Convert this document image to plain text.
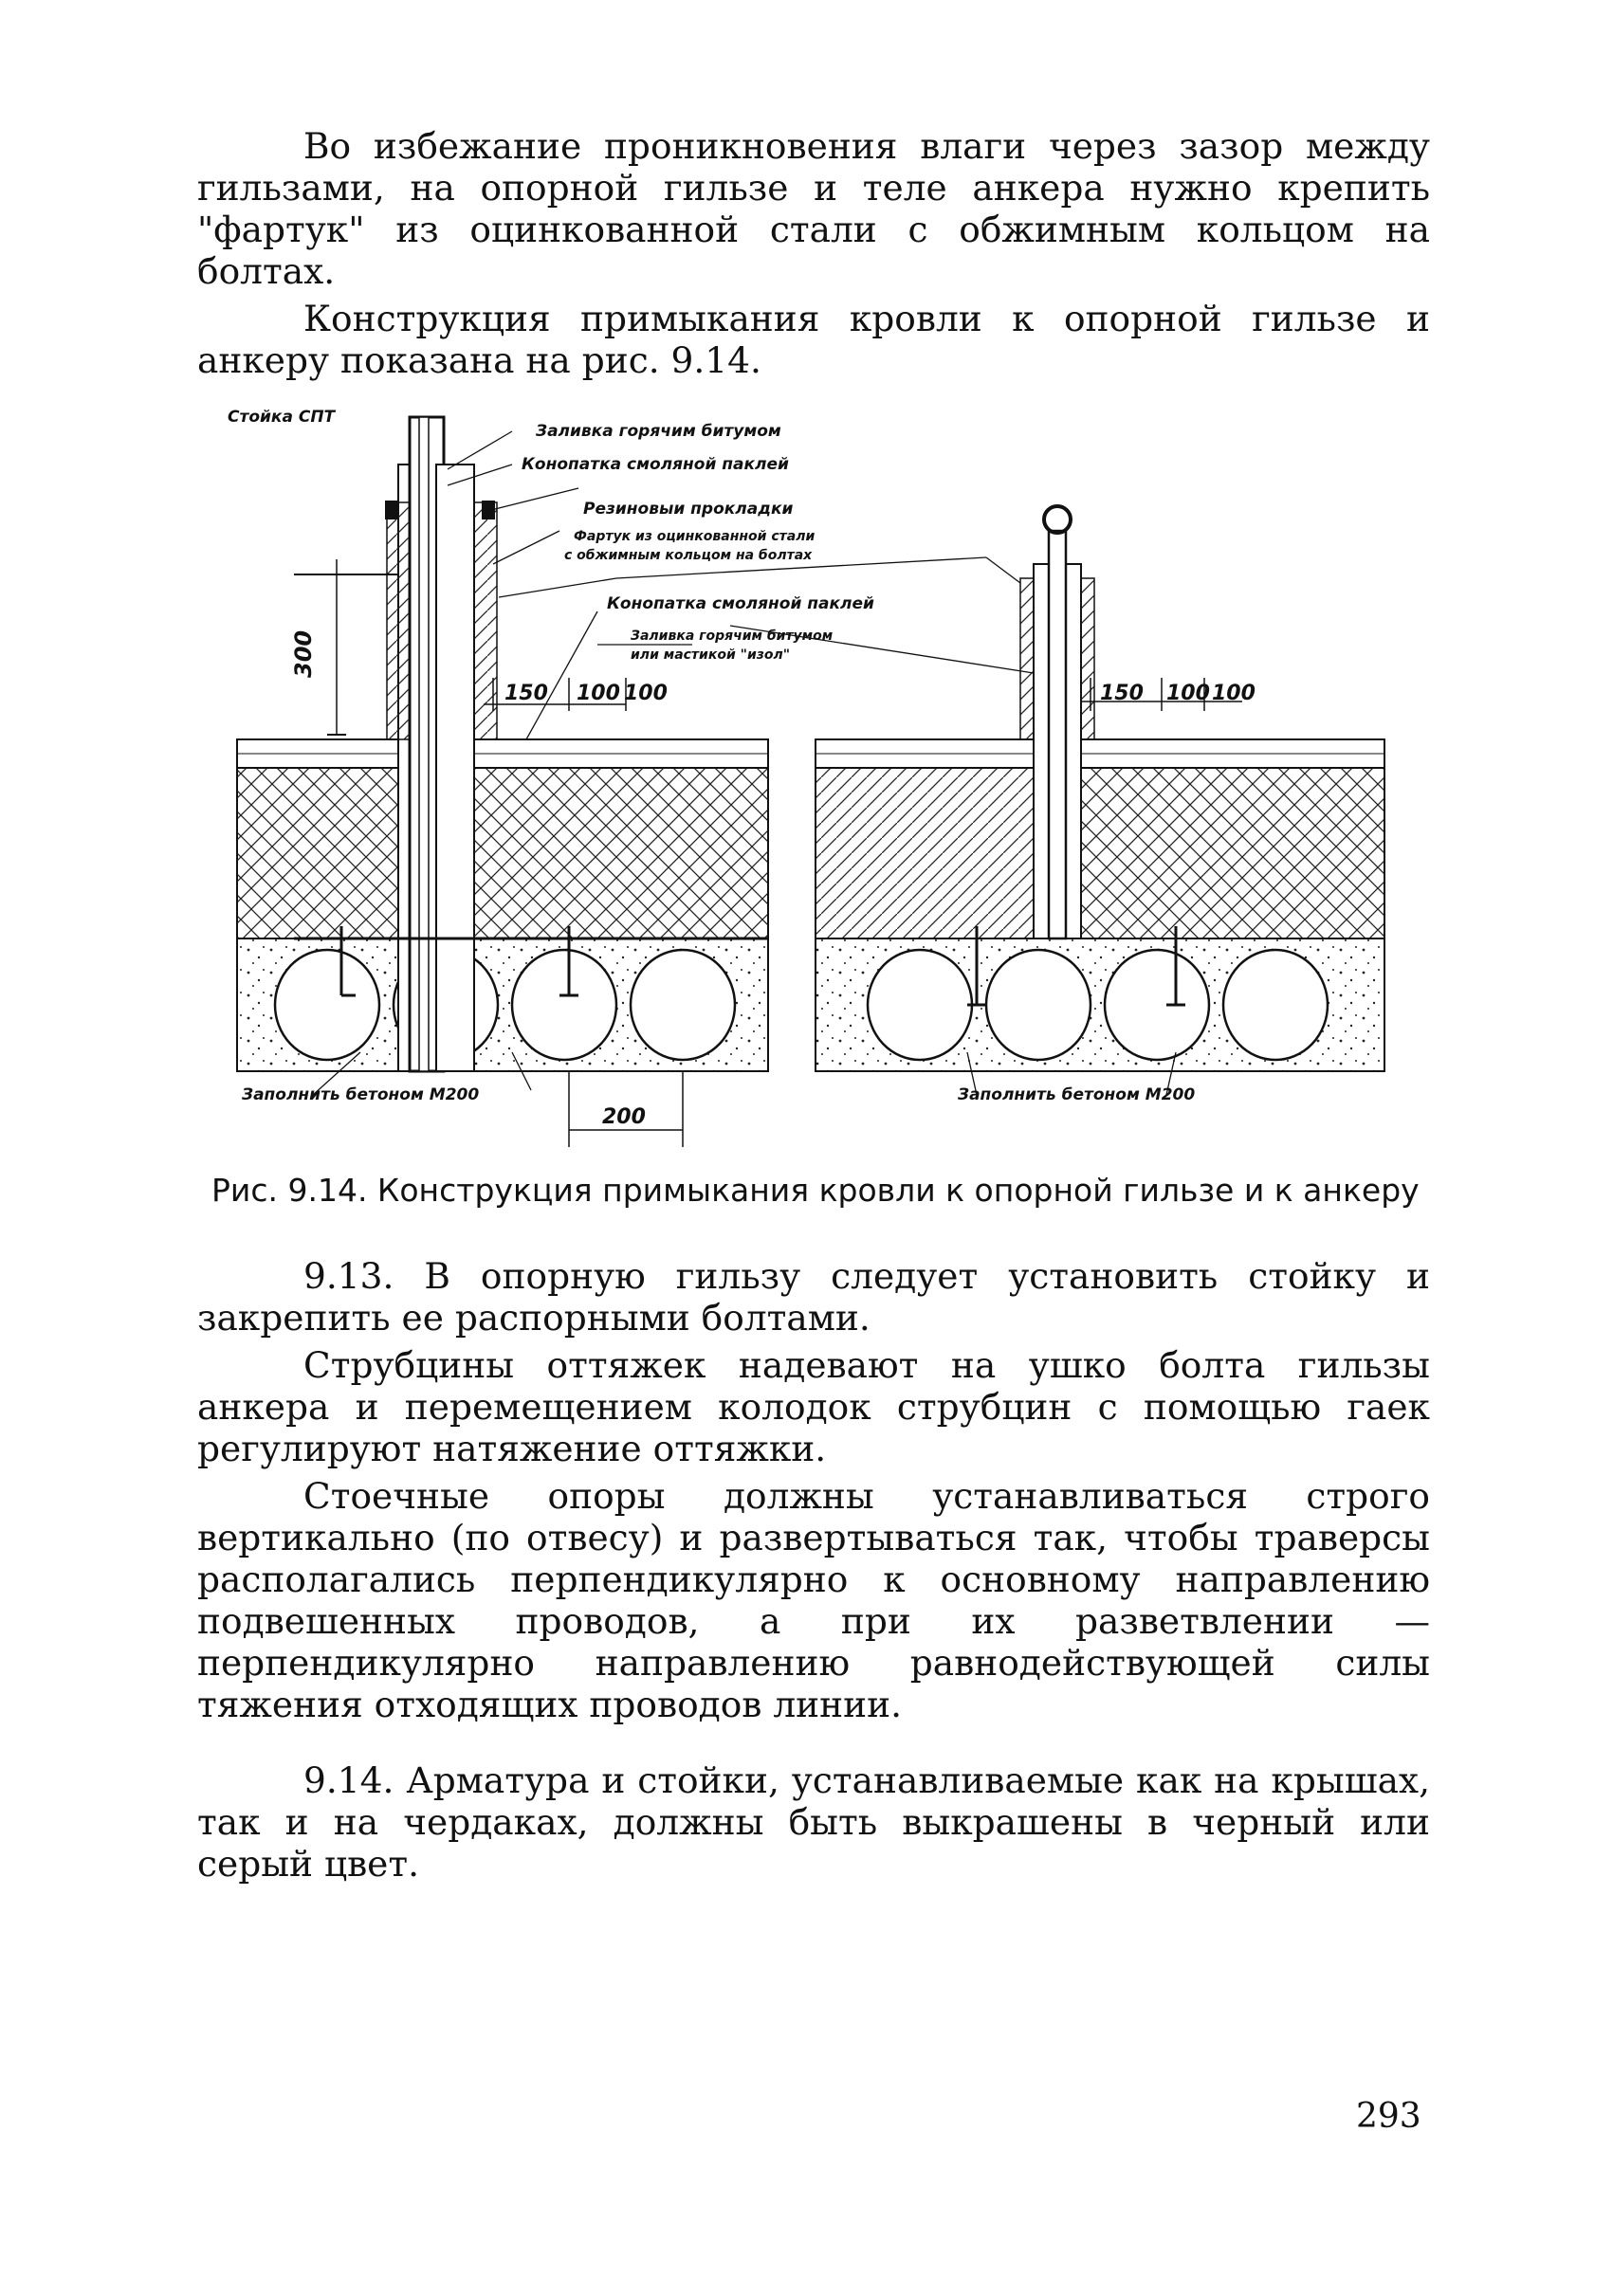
Во избежание проникновения влаги через зазор между гильзами, на опорной гильзе и теле анкера нужно крепить "фартук" из оцинкованной стали с обжимным кольцом на болтах.

Конструкция примыкания кровли к опорной гильзе и анкеру показана на рис. 9.14.

Стойка СПТ
Заливка горячим битумом
Конопатка смоляной паклей
Резиновыи прокладки
Фартук из оцинкованной стали
с обжимным кольцом на болтах
Конопатка смоляной паклей
Заливка горячим битумом
или мастикой "изол"
Заполнить бетоном М200	Заполнить бетоном М200
300
150 100 100	150 100 100
200

Рис. 9.14. Конструкция примыкания кровли к опорной гильзе и к анкеру

9.13. В опорную гильзу следует установить стойку и закрепить ее распорными болтами.

Струбцины оттяжек надевают на ушко болта гильзы анкера и перемещением колодок струбцин с помощью гаек регулируют натяжение оттяжки.

Стоечные опоры должны устанавливаться строго вертикально (по отвесу) и развертываться так, чтобы траверсы располагались перпендикулярно к основному направлению подвешенных проводов, а при их разветвлении — перпендикулярно направлению равнодействующей силы тяжения отходящих проводов линии.

9.14. Арматура и стойки, устанавливаемые как на крышах, так и на чердаках, должны быть выкрашены в черный или серый цвет.

293
